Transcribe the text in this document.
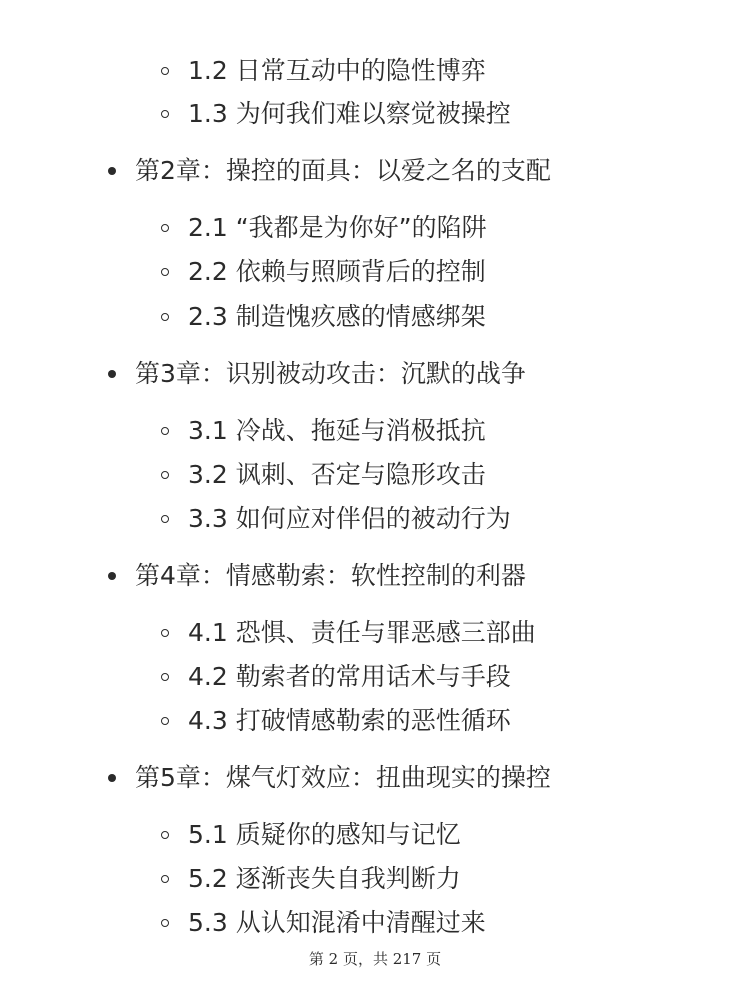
1.2 日常互动中的隐性博弈
1.3 为何我们难以察觉被操控
第2章：操控的面具：以爱之名的支配
2.1 “我都是为你好”的陷阱
2.2 依赖与照顾背后的控制
2.3 制造愧疚感的情感绑架
第3章：识别被动攻击：沉默的战争
3.1 冷战、拖延与消极抵抗
3.2 讽刺、否定与隐形攻击
3.3 如何应对伴侣的被动行为
第4章：情感勒索：软性控制的利器
4.1 恐惧、责任与罪恶感三部曲
4.2 勒索者的常用话术与手段
4.3 打破情感勒索的恶性循环
第5章：煤气灯效应：扭曲现实的操控
5.1 质疑你的感知与记忆
5.2 逐渐丧失自我判断力
5.3 从认知混淆中清醒过来
第 2 页，共 217 页
